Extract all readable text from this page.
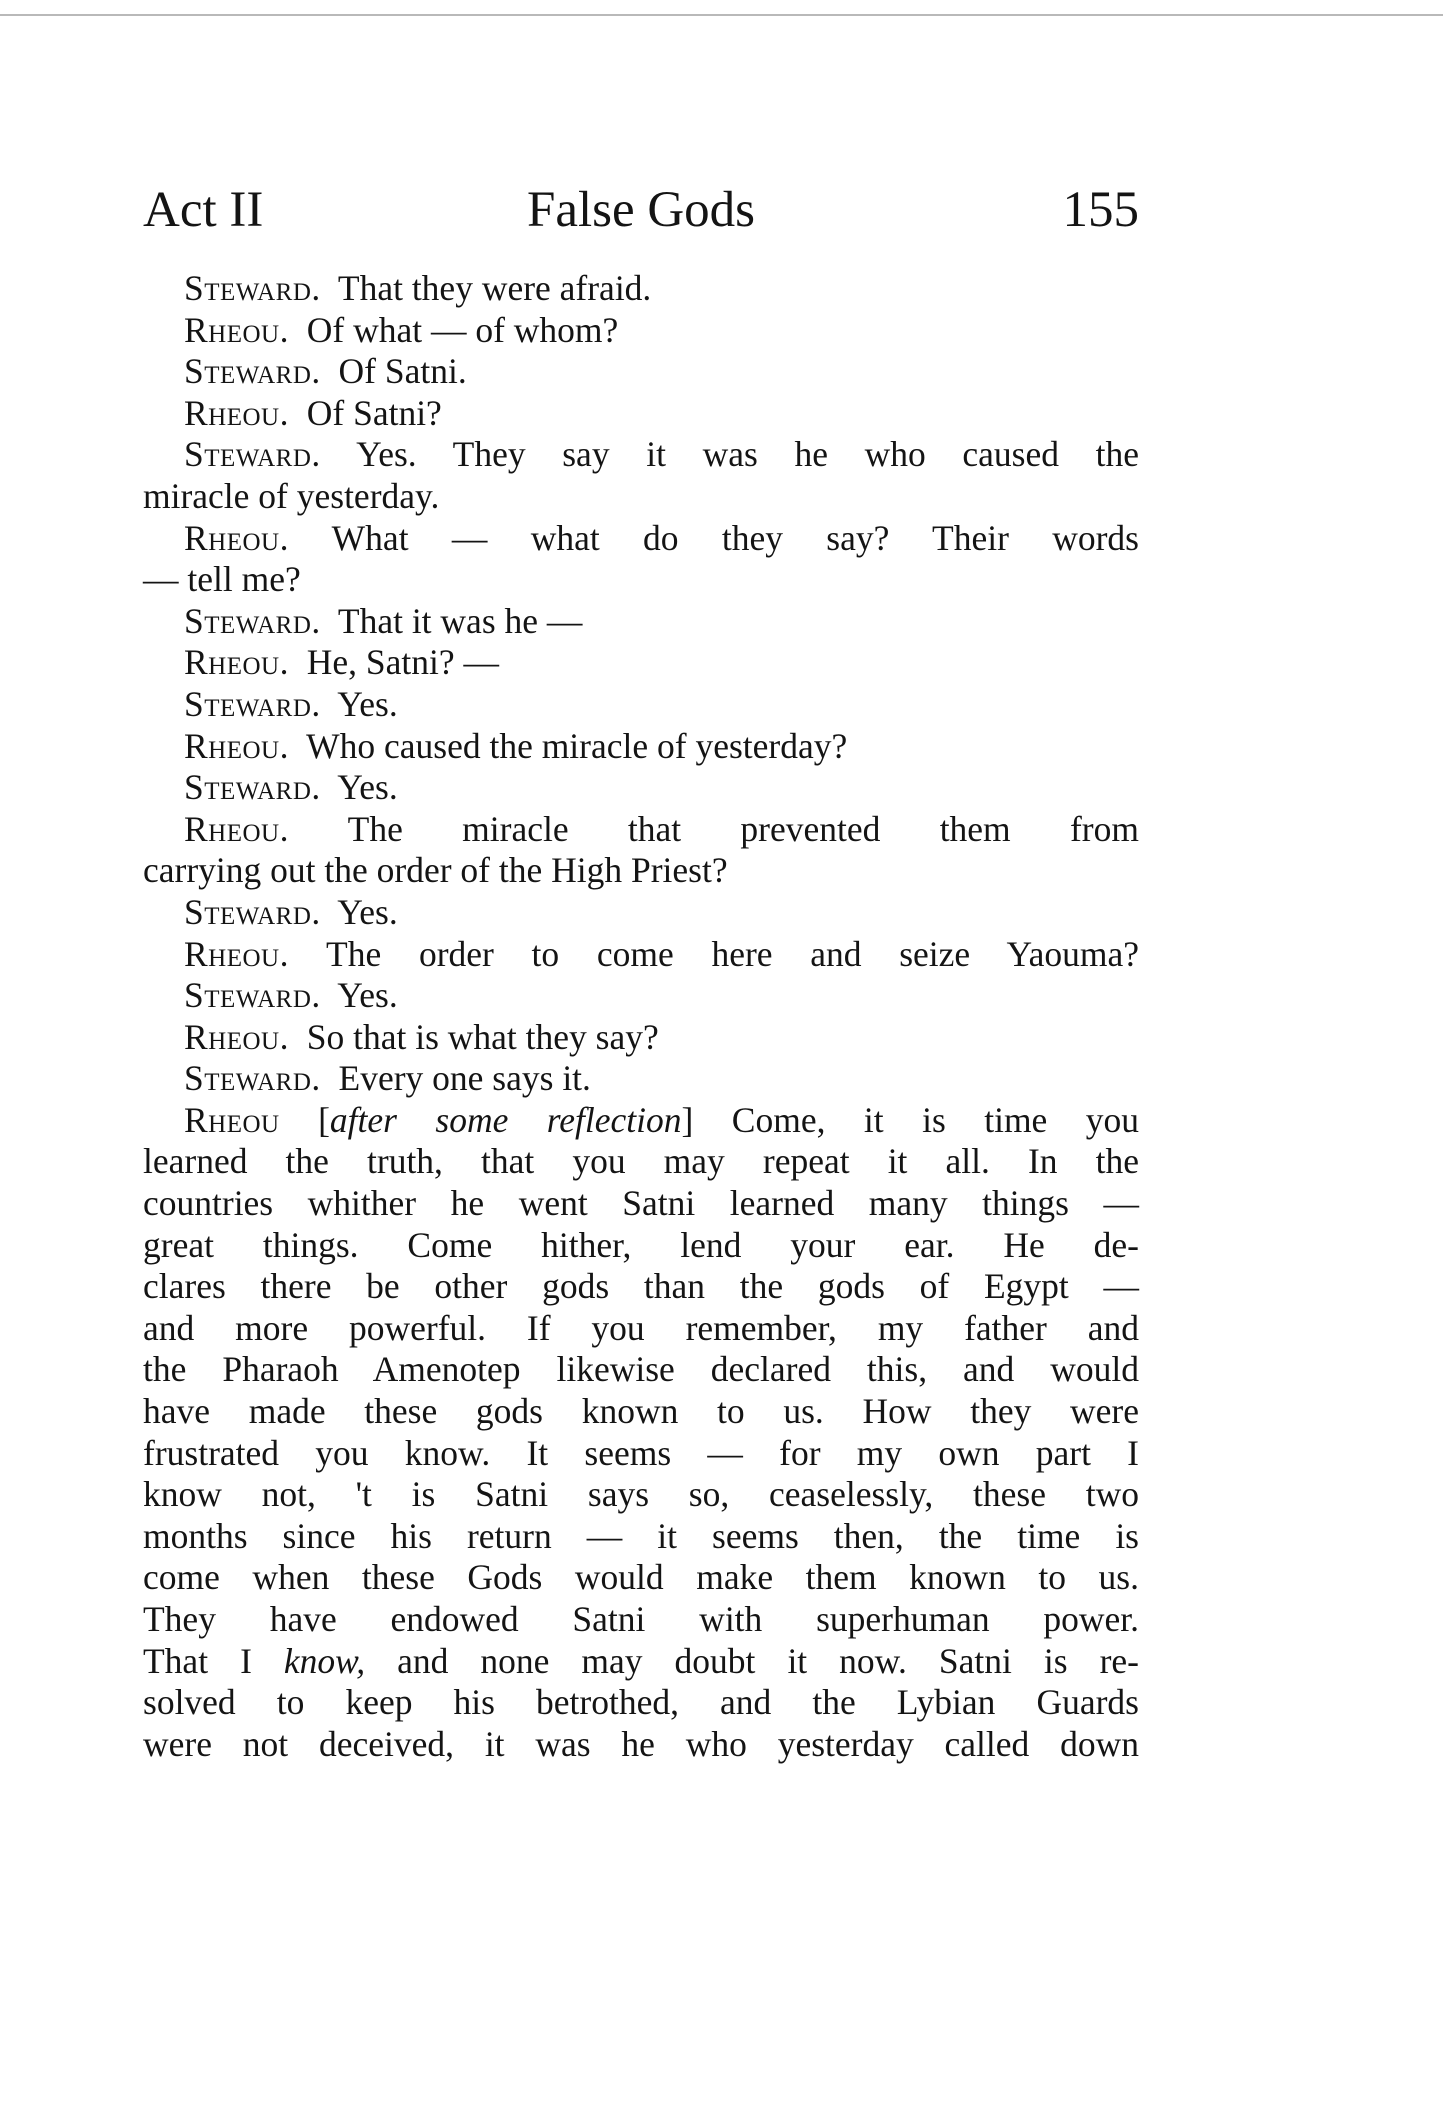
Act II	False Gods	155
Steward.  That they were afraid.
Rheou.  Of what — of whom?
Steward.  Of Satni.
Rheou.  Of Satni?
Steward. Yes. They say it was he who caused the
miracle of yesterday.
Rheou. What — what do they say? Their words
— tell me?
Steward.  That it was he —
Rheou.  He, Satni? —
Steward.  Yes.
Rheou.  Who caused the miracle of yesterday?
Steward.  Yes.
Rheou. The miracle that prevented them from
carrying out the order of the High Priest?
Steward.  Yes.
Rheou. The order to come here and seize Yaouma?
Steward.  Yes.
Rheou.  So that is what they say?
Steward.  Every one says it.
Rheou [after some reflection] Come, it is time you
learned the truth, that you may repeat it all. In the
countries whither he went Satni learned many things —
great things. Come hither, lend your ear. He de-
clares there be other gods than the gods of Egypt —
and more powerful. If you remember, my father and
the Pharaoh Amenotep likewise declared this, and would
have made these gods known to us. How they were
frustrated you know. It seems — for my own part I
know not, 't is Satni says so, ceaselessly, these two
months since his return — it seems then, the time is
come when these Gods would make them known to us.
They have endowed Satni with superhuman power.
That I know, and none may doubt it now. Satni is re-
solved to keep his betrothed, and the Lybian Guards
were not deceived, it was he who yesterday called down
